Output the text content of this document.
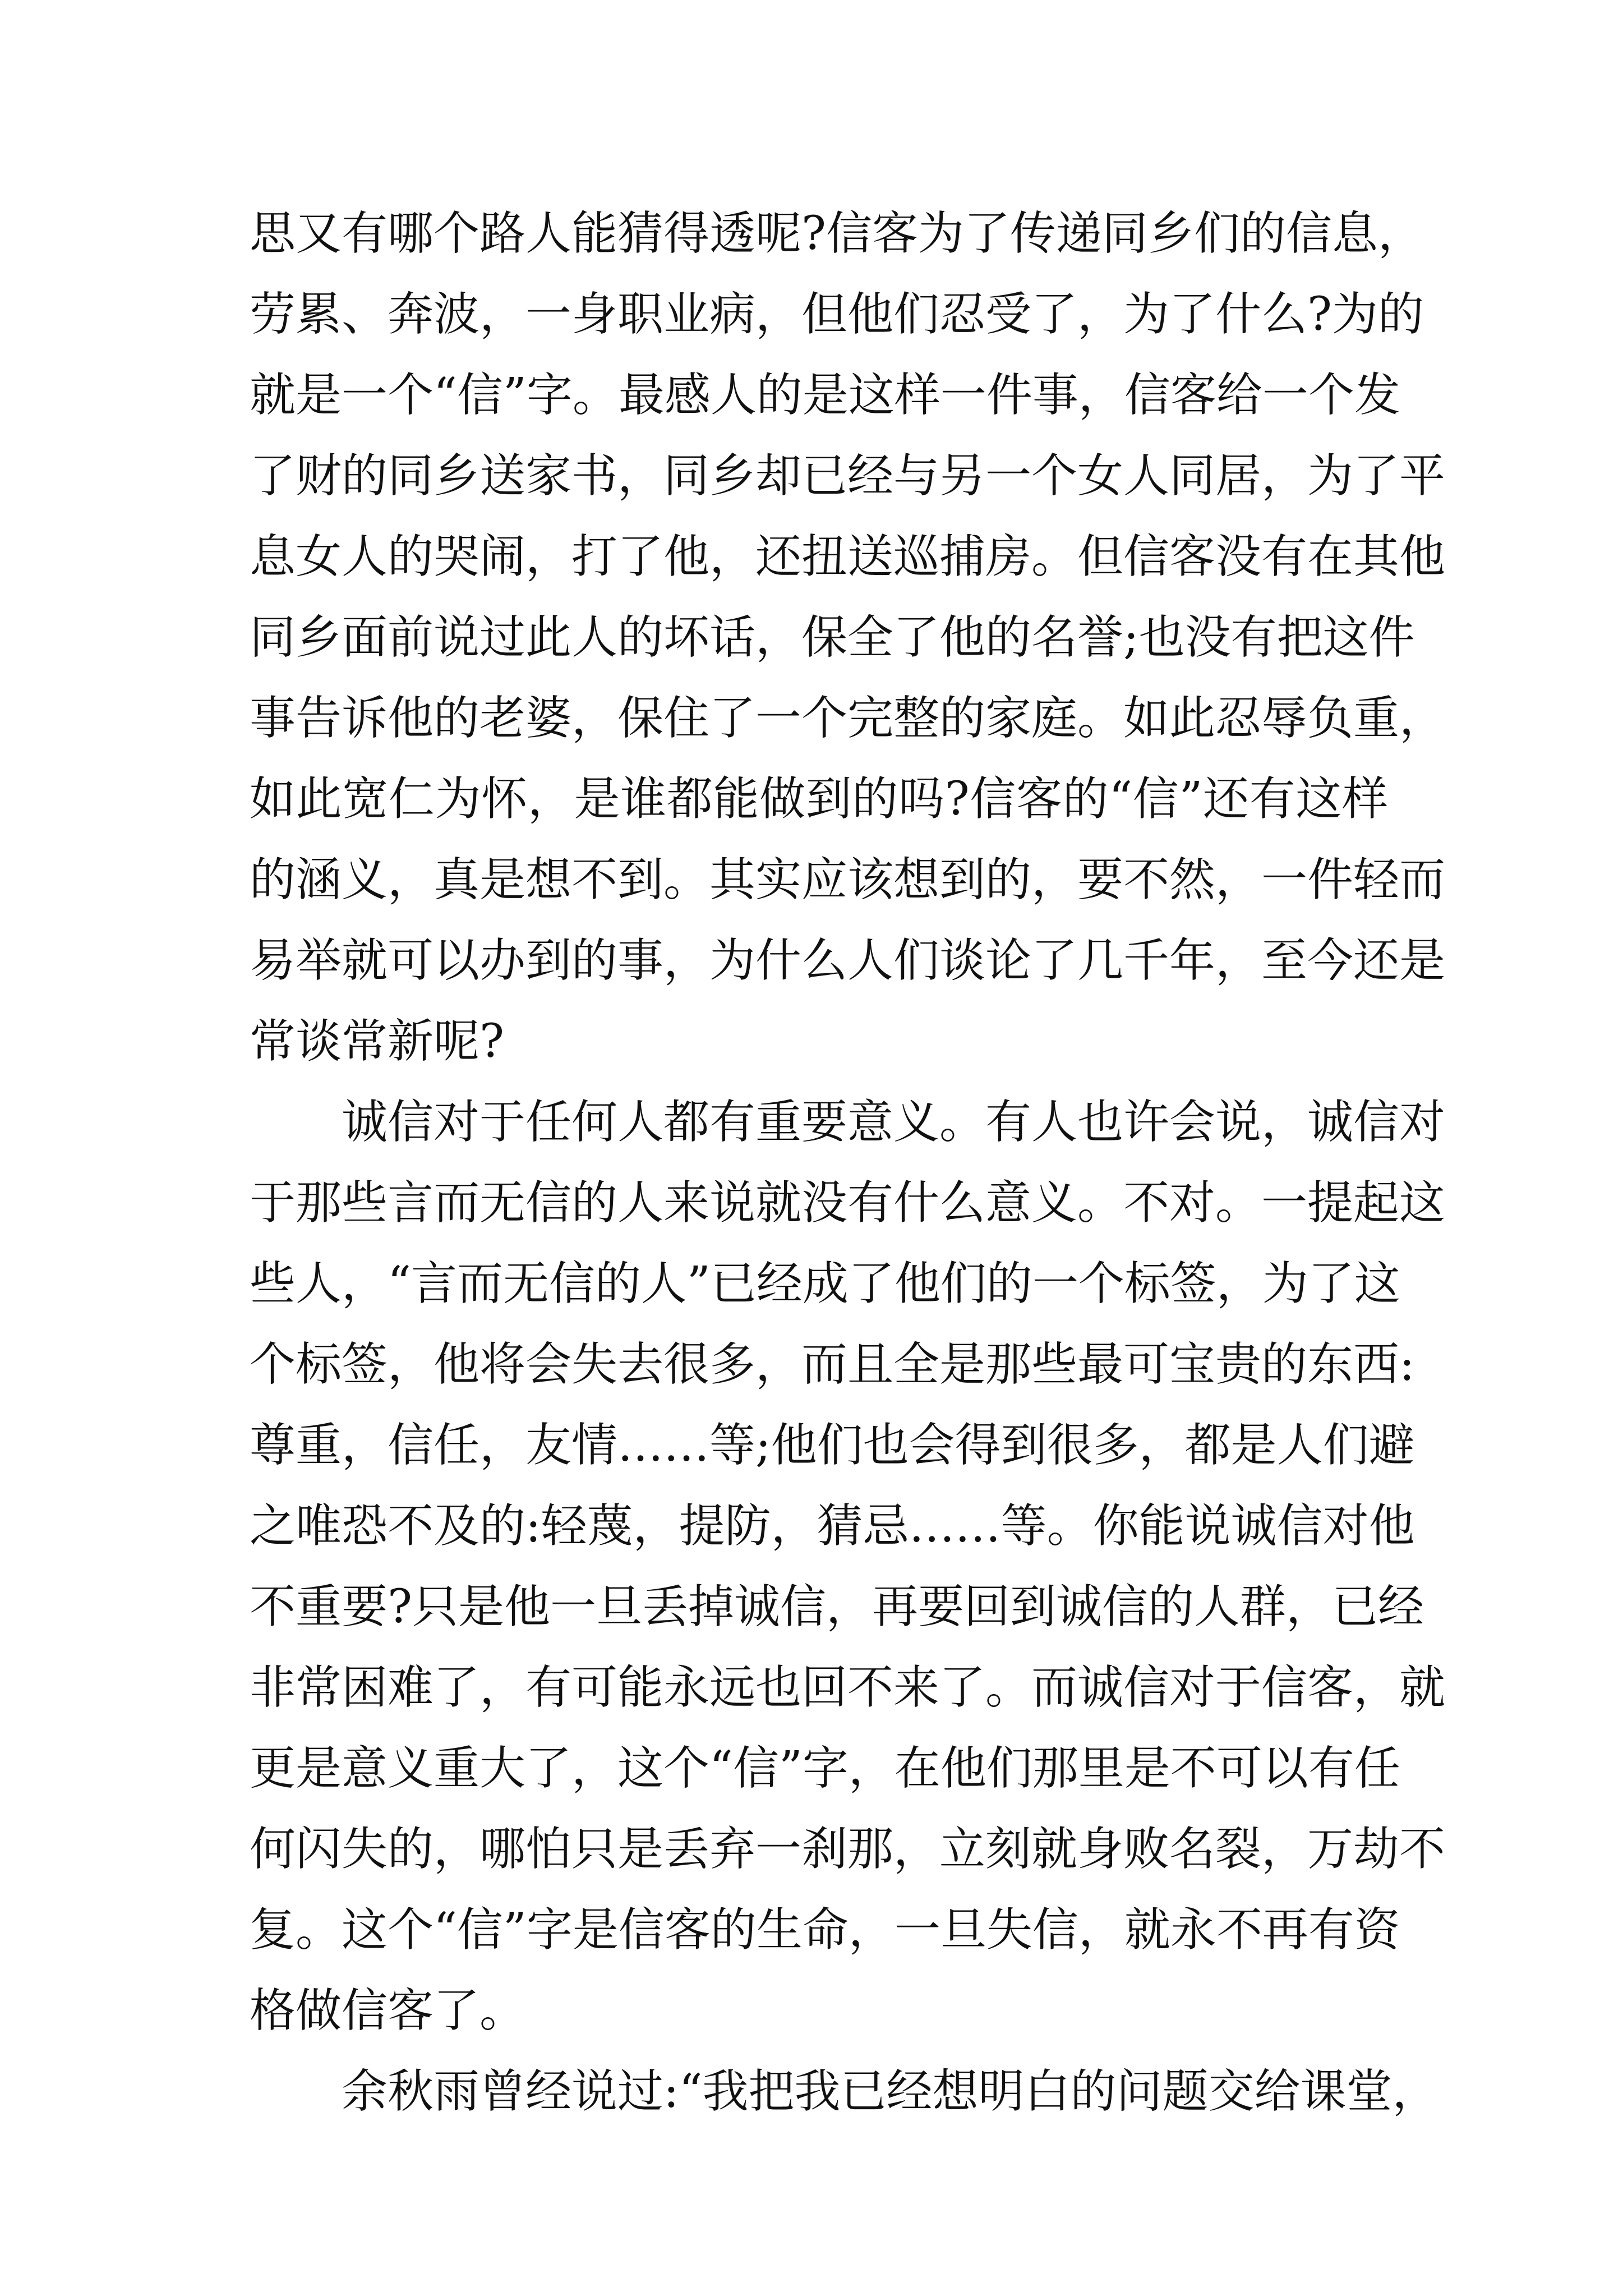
思又有哪个路人能猜得透呢?信客为了传递同乡们的信息，
劳累、奔波，一身职业病，但他们忍受了，为了什么?为的
就是一个“信”字。最感人的是这样一件事，信客给一个发
了财的同乡送家书，同乡却已经与另一个女人同居，为了平
息女人的哭闹，打了他，还扭送巡捕房。但信客没有在其他
同乡面前说过此人的坏话，保全了他的名誉;也没有把这件
事告诉他的老婆，保住了一个完整的家庭。如此忍辱负重，
如此宽仁为怀，是谁都能做到的吗?信客的“信”还有这样
的涵义，真是想不到。其实应该想到的，要不然，一件轻而
易举就可以办到的事，为什么人们谈论了几千年，至今还是
常谈常新呢?
诚信对于任何人都有重要意义。有人也许会说，诚信对
于那些言而无信的人来说就没有什么意义。不对。一提起这
些人，“言而无信的人”已经成了他们的一个标签，为了这
个标签，他将会失去很多，而且全是那些最可宝贵的东西:
尊重，信任，友情……等;他们也会得到很多，都是人们避
之唯恐不及的:轻蔑，提防，猜忌……等。你能说诚信对他
不重要?只是他一旦丢掉诚信，再要回到诚信的人群，已经
非常困难了，有可能永远也回不来了。而诚信对于信客，就
更是意义重大了，这个“信”字，在他们那里是不可以有任
何闪失的，哪怕只是丢弃一刹那，立刻就身败名裂，万劫不
复。这个“信”字是信客的生命，一旦失信，就永不再有资
格做信客了。
余秋雨曾经说过:“我把我已经想明白的问题交给课堂，
